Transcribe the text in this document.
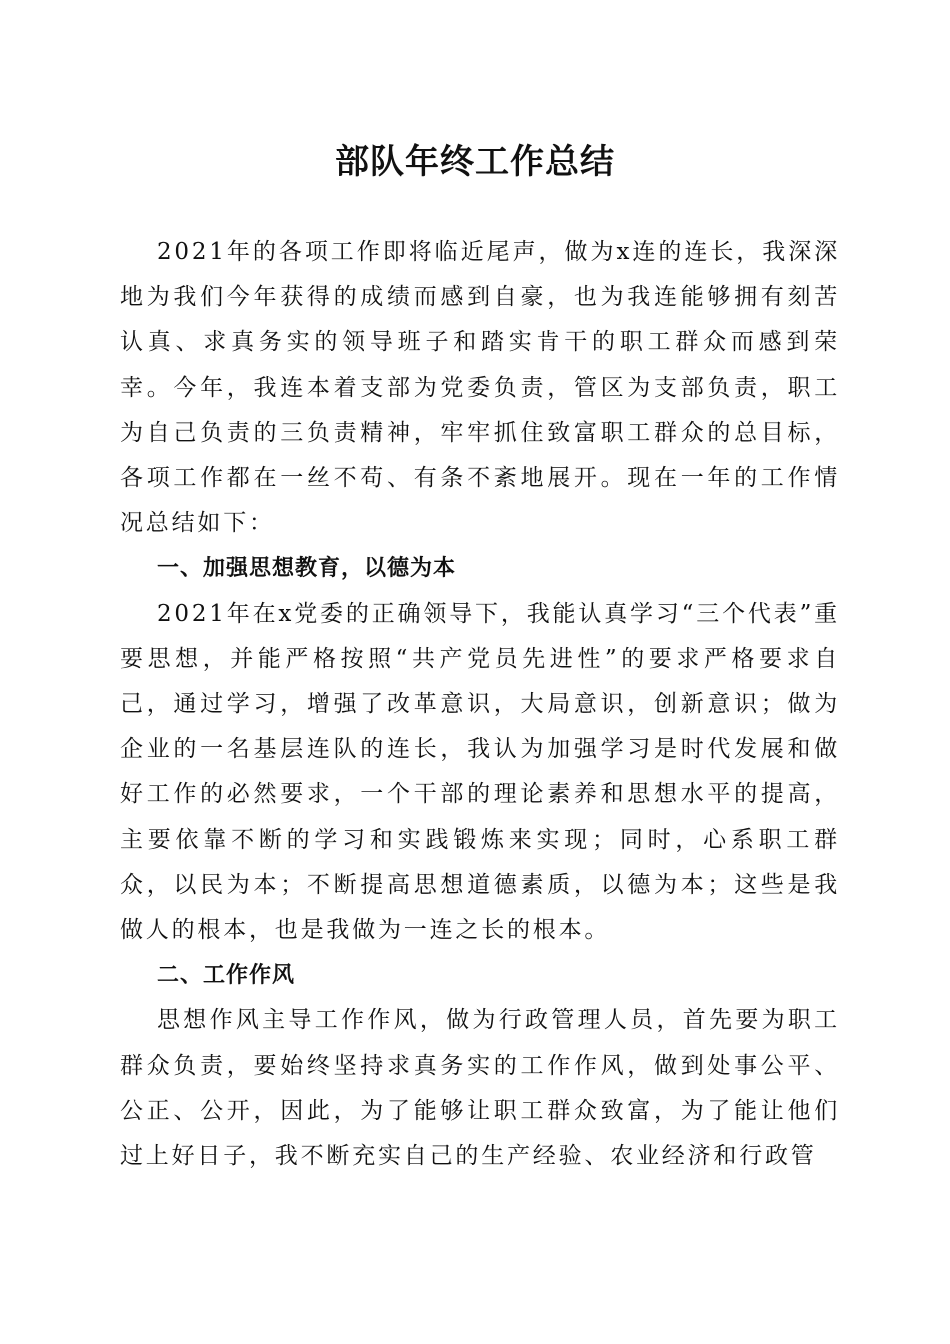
部队年终工作总结

2021年的各项工作即将临近尾声，做为x连的连长，我深深地为我们今年获得的成绩而感到自豪，也为我连能够拥有刻苦认真、求真务实的领导班子和踏实肯干的职工群众而感到荣幸。今年，我连本着支部为党委负责，管区为支部负责，职工为自己负责的三负责精神，牢牢抓住致富职工群众的总目标，各项工作都在一丝不苟、有条不紊地展开。现在一年的工作情况总结如下：

一、加强思想教育，以德为本

2021年在x党委的正确领导下，我能认真学习“三个代表”重要思想，并能严格按照“共产党员先进性”的要求严格要求自己，通过学习，增强了改革意识，大局意识，创新意识；做为企业的一名基层连队的连长，我认为加强学习是时代发展和做好工作的必然要求，一个干部的理论素养和思想水平的提高，主要依靠不断的学习和实践锻炼来实现；同时，心系职工群众，以民为本；不断提高思想道德素质，以德为本；这些是我做人的根本，也是我做为一连之长的根本。

二、工作作风

思想作风主导工作作风，做为行政管理人员，首先要为职工群众负责，要始终坚持求真务实的工作作风，做到处事公平、公正、公开，因此，为了能够让职工群众致富，为了能让他们过上好日子，我不断充实自己的生产经验、农业经济和行政管
